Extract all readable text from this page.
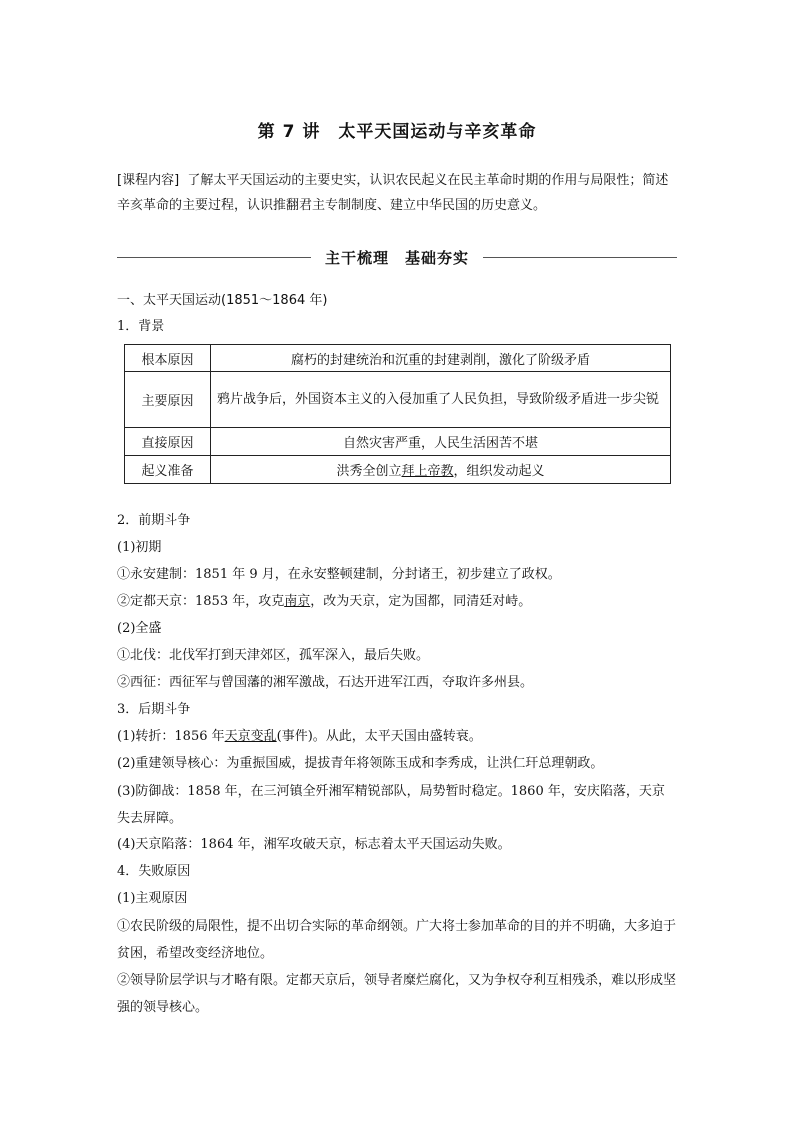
第 7 讲　太平天国运动与辛亥革命
[课程内容] 了解太平天国运动的主要史实，认识农民起义在民主革命时期的作用与局限性；简述辛亥革命的主要过程，认识推翻君主专制制度、建立中华民国的历史意义。
主干梳理　基础夯实
一、太平天国运动(1851～1864 年)
1．背景
根本原因	腐朽的封建统治和沉重的封建剥削，激化了阶级矛盾
主要原因	鸦片战争后，外国资本主义的入侵加重了人民负担，导致阶级矛盾进一步尖锐
直接原因	自然灾害严重，人民生活困苦不堪
起义准备	洪秀全创立拜上帝教，组织发动起义
2．前期斗争
(1)初期
①永安建制：1851 年 9 月，在永安整顿建制，分封诸王，初步建立了政权。
②定都天京：1853 年，攻克南京，改为天京，定为国都，同清廷对峙。
(2)全盛
①北伐：北伐军打到天津郊区，孤军深入，最后失败。
②西征：西征军与曾国藩的湘军激战，石达开进军江西，夺取许多州县。
3．后期斗争
(1)转折：1856 年天京变乱(事件)。从此，太平天国由盛转衰。
(2)重建领导核心：为重振国威，提拔青年将领陈玉成和李秀成，让洪仁玕总理朝政。
(3)防御战：1858 年，在三河镇全歼湘军精锐部队，局势暂时稳定。1860 年，安庆陷落，天京失去屏障。
(4)天京陷落：1864 年，湘军攻破天京，标志着太平天国运动失败。
4．失败原因
(1)主观原因
①农民阶级的局限性，提不出切合实际的革命纲领。广大将士参加革命的目的并不明确，大多迫于贫困，希望改变经济地位。
②领导阶层学识与才略有限。定都天京后，领导者糜烂腐化，又为争权夺利互相残杀，难以形成坚强的领导核心。
